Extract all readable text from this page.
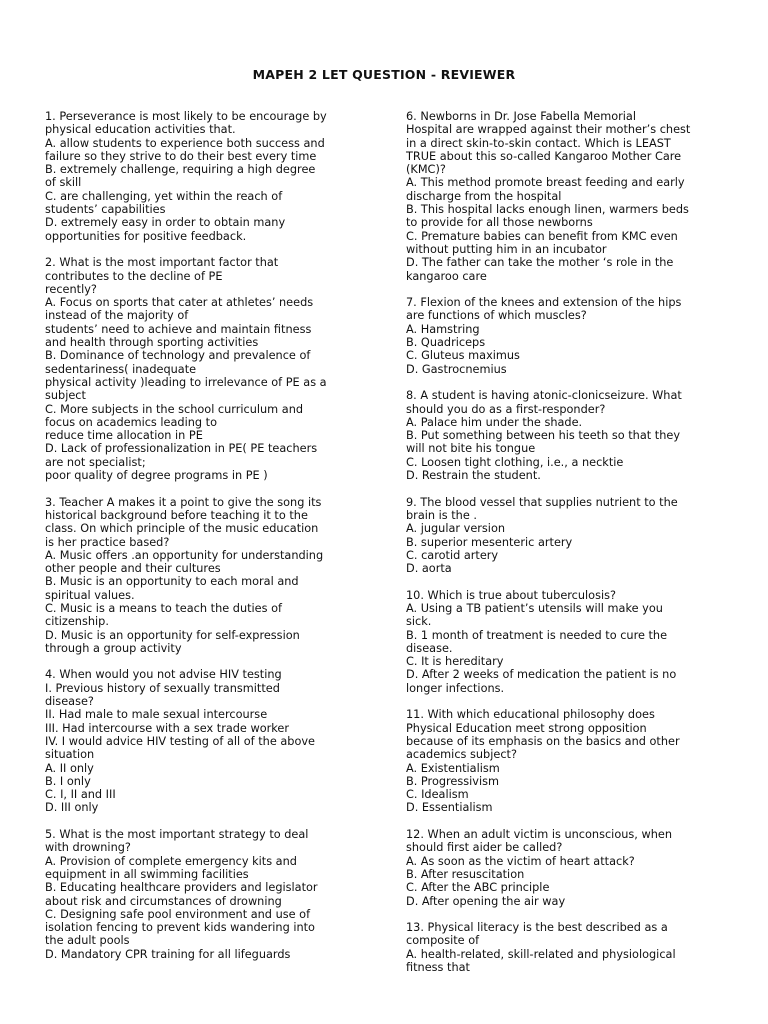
MAPEH 2 LET QUESTION - REVIEWER
1. Perseverance is most likely to be encourage by
physical education activities that.
A. allow students to experience both success and
failure so they strive to do their best every time
B. extremely challenge, requiring a high degree
of skill
C. are challenging, yet within the reach of
students’ capabilities
D. extremely easy in order to obtain many
opportunities for positive feedback.
2. What is the most important factor that
contributes to the decline of PE
recently?
A. Focus on sports that cater at athletes’ needs
instead of the majority of
students’ need to achieve and maintain fitness
and health through sporting activities
B. Dominance of technology and prevalence of
sedentariness( inadequate
physical activity )leading to irrelevance of PE as a
subject
C. More subjects in the school curriculum and
focus on academics leading to
reduce time allocation in PE
D. Lack of professionalization in PE( PE teachers
are not specialist;
poor quality of degree programs in PE )
3. Teacher A makes it a point to give the song its
historical background before teaching it to the
class. On which principle of the music education
is her practice based?
A. Music offers .an opportunity for understanding
other people and their cultures
B. Music is an opportunity to each moral and
spiritual values.
C. Music is a means to teach the duties of
citizenship.
D. Music is an opportunity for self-expression
through a group activity
4. When would you not advise HIV testing
I. Previous history of sexually transmitted
disease?
II. Had male to male sexual intercourse
III. Had intercourse with a sex trade worker
IV. I would advice HIV testing of all of the above
situation
A. II only
B. I only
C. I, II and III
D. III only
5. What is the most important strategy to deal
with drowning?
A. Provision of complete emergency kits and
equipment in all swimming facilities
B. Educating healthcare providers and legislator
about risk and circumstances of drowning
C. Designing safe pool environment and use of
isolation fencing to prevent kids wandering into
the adult pools
D. Mandatory CPR training for all lifeguards
6. Newborns in Dr. Jose Fabella Memorial
Hospital are wrapped against their mother’s chest
in a direct skin-to-skin contact. Which is LEAST
TRUE about this so-called Kangaroo Mother Care
(KMC)?
A. This method promote breast feeding and early
discharge from the hospital
B. This hospital lacks enough linen, warmers beds
to provide for all those newborns
C. Premature babies can benefit from KMC even
without putting him in an incubator
D. The father can take the mother ‘s role in the
kangaroo care
7. Flexion of the knees and extension of the hips
are functions of which muscles?
A. Hamstring
B. Quadriceps
C. Gluteus maximus
D. Gastrocnemius
8. A student is having atonic-clonicseizure. What
should you do as a first-responder?
A. Palace him under the shade.
B. Put something between his teeth so that they
will not bite his tongue
C. Loosen tight clothing, i.e., a necktie
D. Restrain the student.
9. The blood vessel that supplies nutrient to the
brain is the .
A. jugular version
B. superior mesenteric artery
C. carotid artery
D. aorta
10. Which is true about tuberculosis?
A. Using a TB patient’s utensils will make you
sick.
B. 1 month of treatment is needed to cure the
disease.
C. It is hereditary
D. After 2 weeks of medication the patient is no
longer infections.
11. With which educational philosophy does
Physical Education meet strong opposition
because of its emphasis on the basics and other
academics subject?
A. Existentialism
B. Progressivism
C. Idealism
D. Essentialism
12. When an adult victim is unconscious, when
should first aider be called?
A. As soon as the victim of heart attack?
B. After resuscitation
C. After the ABC principle
D. After opening the air way
13. Physical literacy is the best described as a
composite of
A. health-related, skill-related and physiological
fitness that
